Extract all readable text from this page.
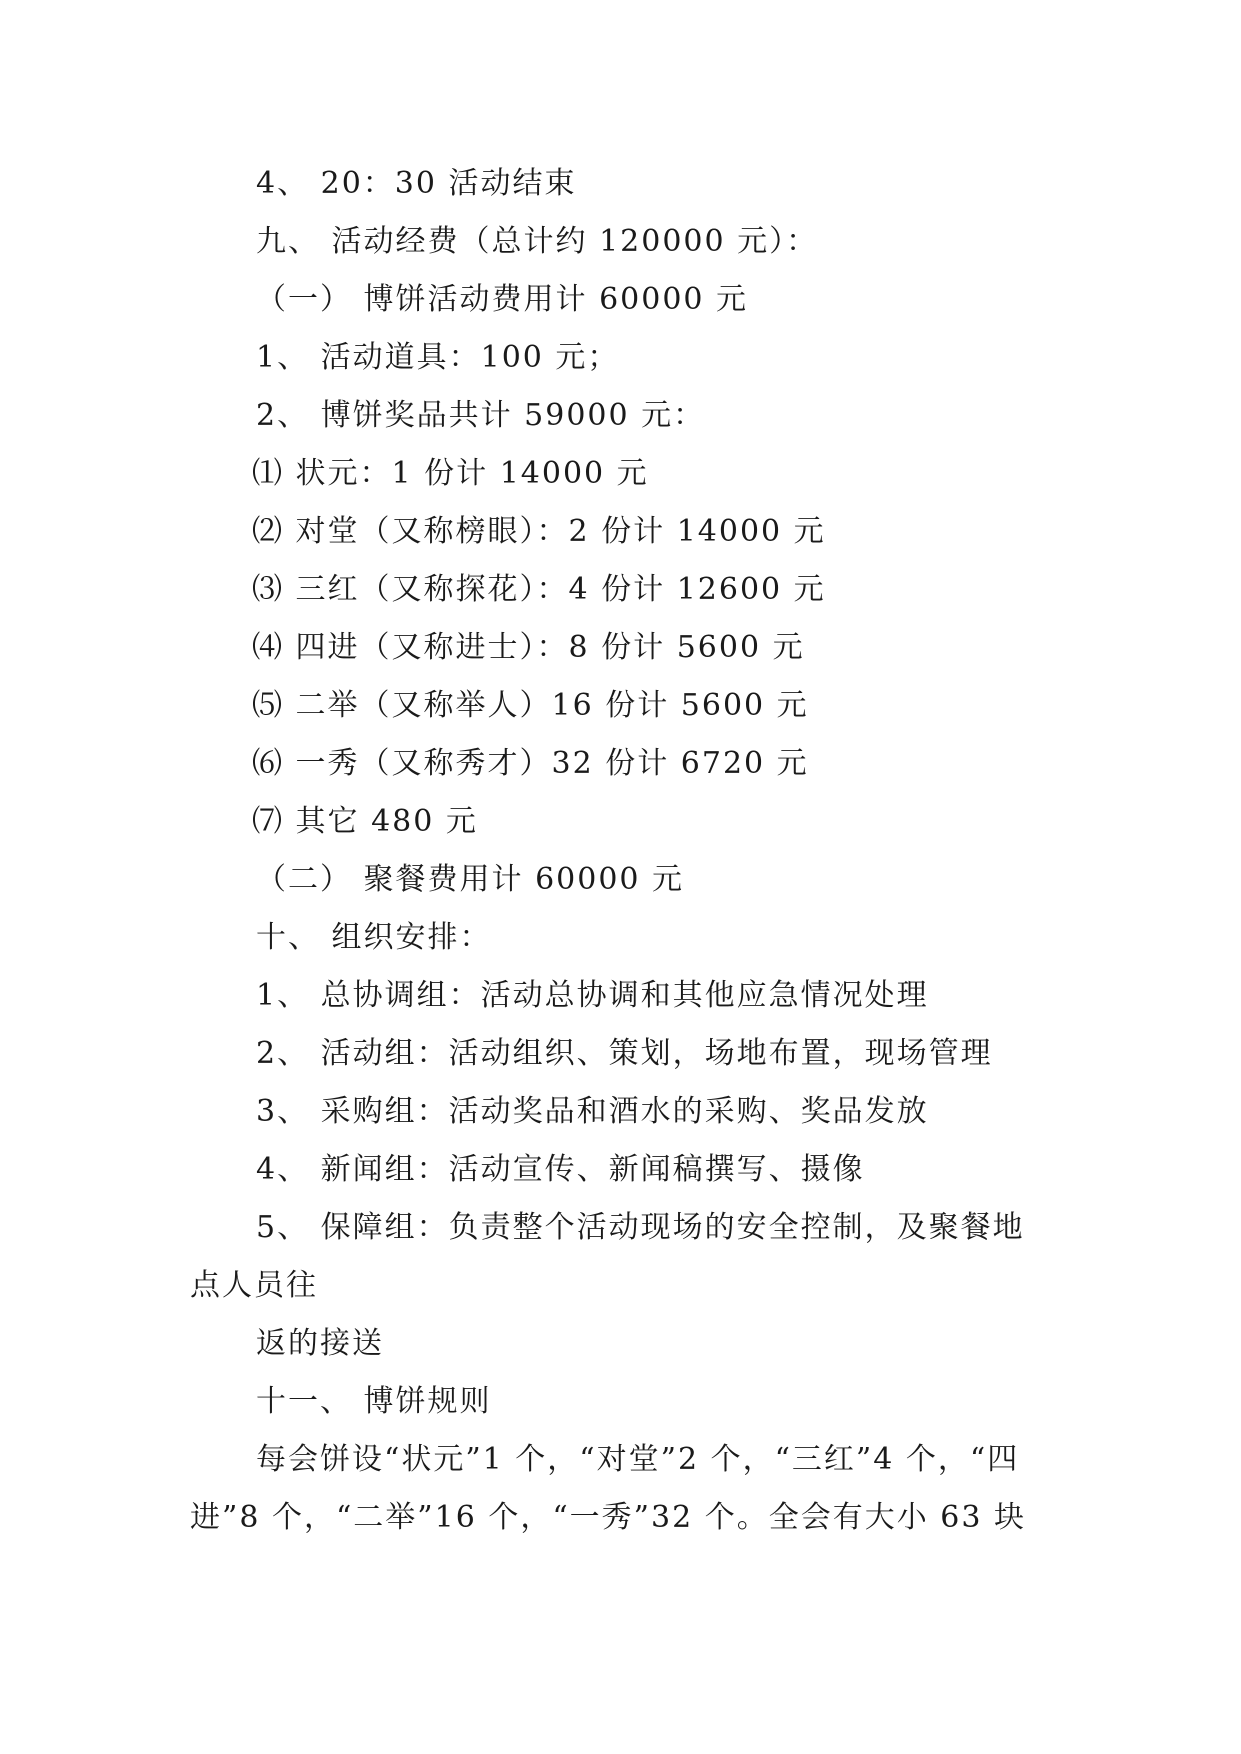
4、 20：30 活动结束
九、 活动经费（总计约 120000 元）：
（一） 博饼活动费用计 60000 元
1、 活动道具：100 元；
2、 博饼奖品共计 59000 元：
⑴ 状元：1 份计 14000 元
⑵ 对堂（又称榜眼）：2 份计 14000 元
⑶ 三红（又称探花）：4 份计 12600 元
⑷ 四进（又称进士）：8 份计 5600 元
⑸ 二举（又称举人）16 份计 5600 元
⑹ 一秀（又称秀才）32 份计 6720 元
⑺ 其它 480 元
（二） 聚餐费用计 60000 元
十、 组织安排：
1、 总协调组：活动总协调和其他应急情况处理
2、 活动组：活动组织、策划，场地布置，现场管理
3、 采购组：活动奖品和酒水的采购、奖品发放
4、 新闻组：活动宣传、新闻稿撰写、摄像
5、 保障组：负责整个活动现场的安全控制，及聚餐地
点人员往
返的接送
十一、 博饼规则
每会饼设“状元”1 个，“对堂”2 个，“三红”4 个，“四
进”8 个，“二举”16 个，“一秀”32 个。全会有大小 63 块
